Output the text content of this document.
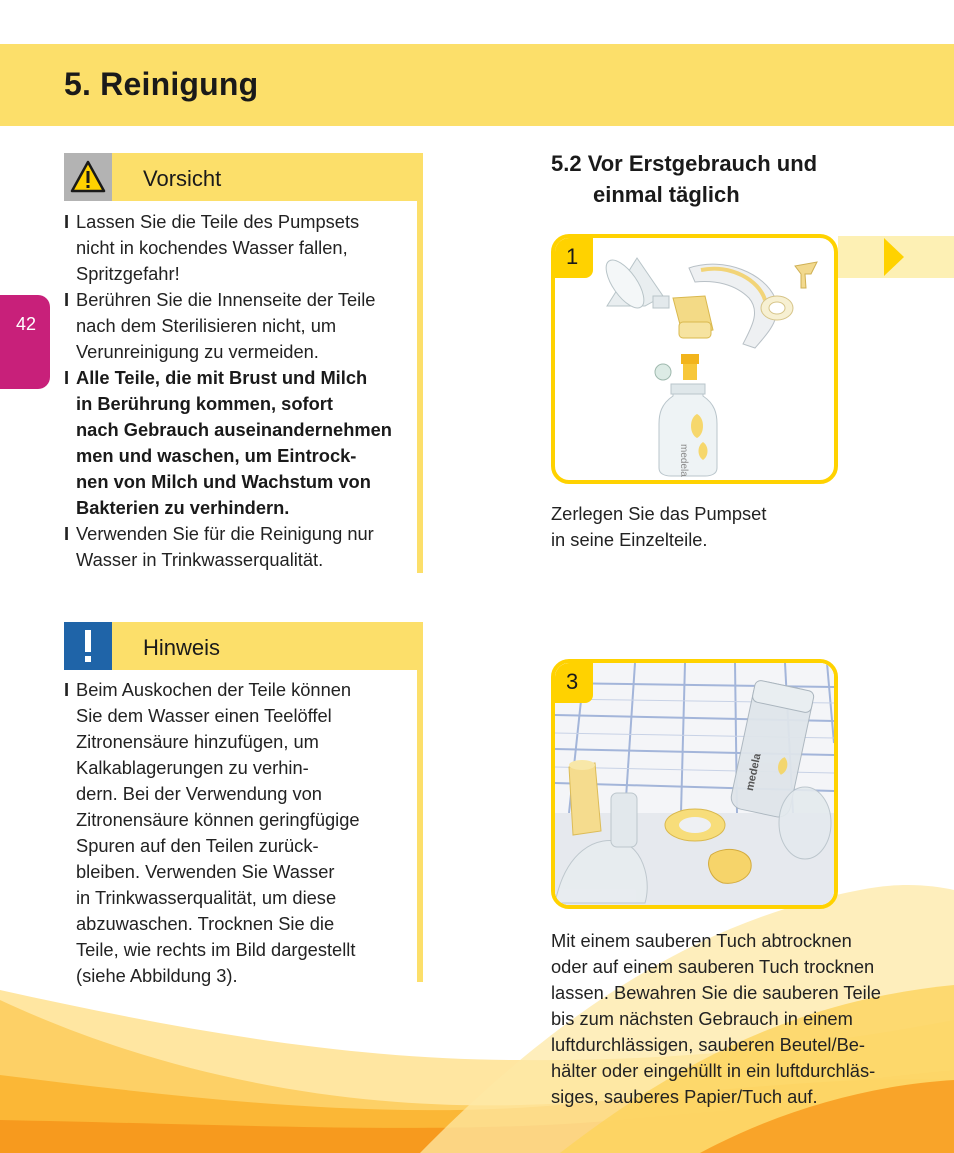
5. Reinigung
42
Vorsicht
I Lassen Sie die Teile des Pumpsets
nicht in kochendes Wasser fallen,
Spritzgefahr!
I Berühren Sie die Innenseite der Teile
nach dem Sterilisieren nicht, um
Verunreinigung zu vermeiden.
I Alle Teile, die mit Brust und Milch
in Berührung kommen, sofort
nach Gebrauch auseinandernehmen
men und waschen, um Eintrock-
nen von Milch und Wachstum von
Bakterien zu verhindern.
I Verwenden Sie für die Reinigung nur
Wasser in Trinkwasserqualität.
Hinweis
I Beim Auskochen der Teile können
Sie dem Wasser einen Teelöffel
Zitronensäure hinzufügen, um
Kalkablagerungen zu verhin-
dern. Bei der Verwendung von
Zitronensäure können geringfügige
Spuren auf den Teilen zurück-
bleiben. Verwenden Sie Wasser
in Trinkwasserqualität, um diese
abzuwaschen. Trocknen Sie die
Teile, wie rechts im Bild dargestellt
(siehe Abbildung 3).
5.2 Vor Erstgebrauch und
einmal täglich
1
medela

Zerlegen Sie das Pumpset
in seine Einzelteile.

3
medela

Mit einem sauberen Tuch abtrocknen
oder auf einem sauberen Tuch trocknen
lassen. Bewahren Sie die sauberen Teile
bis zum nächsten Gebrauch in einem
luftdurchlässigen, sauberen Beutel/Be-
hälter oder eingehüllt in ein luftdurchläs-
siges, sauberes Papier/Tuch auf.
